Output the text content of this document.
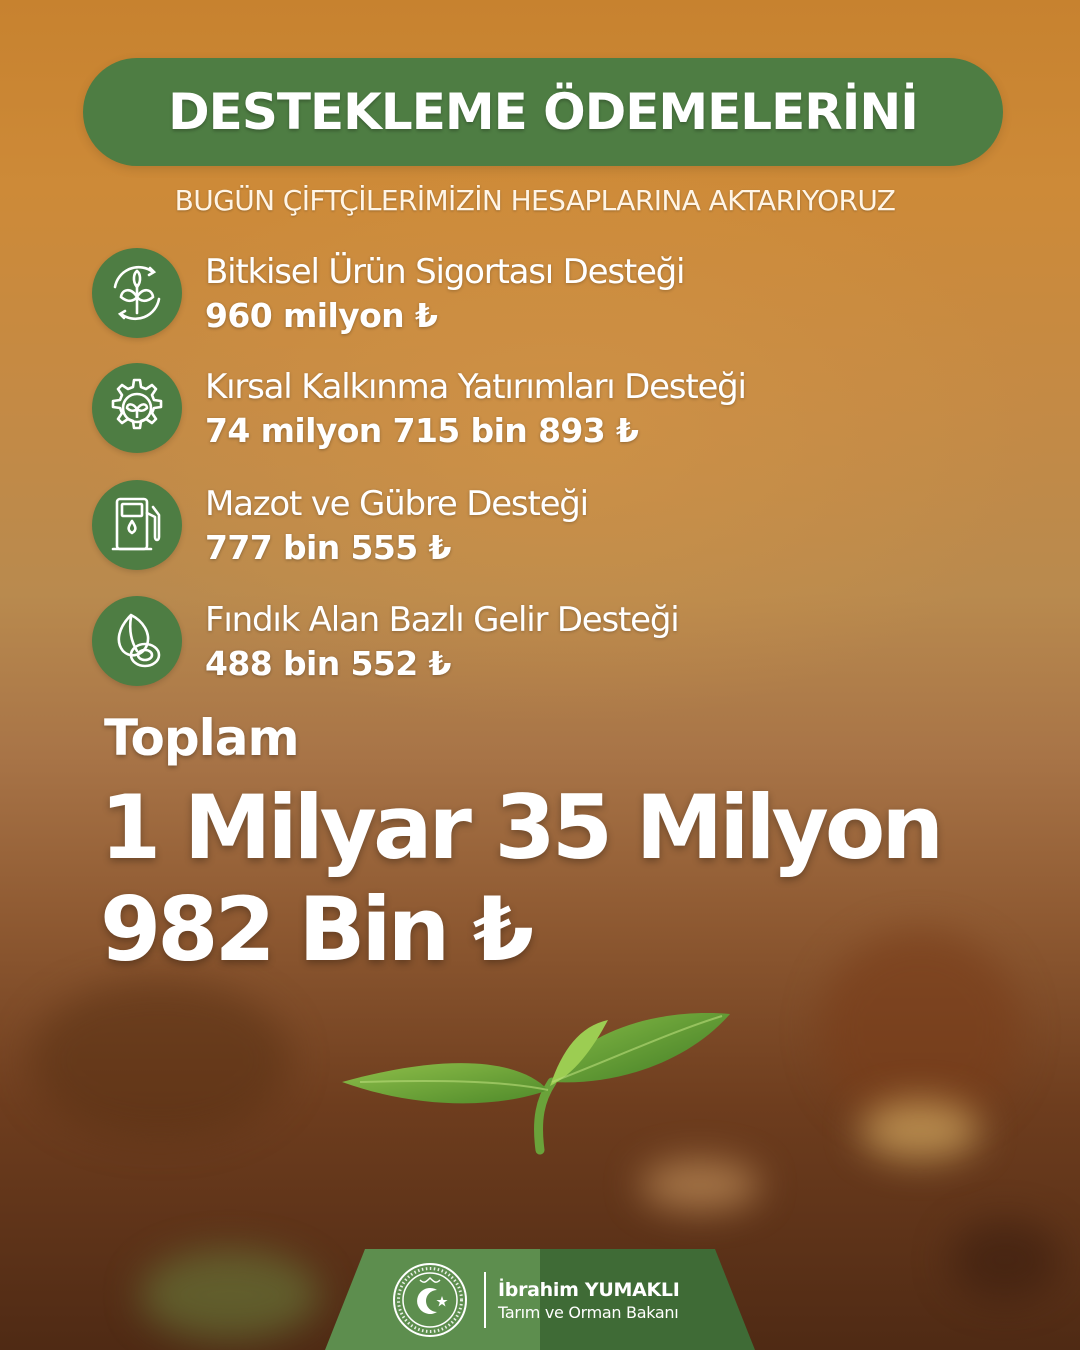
DESTEKLEME ÖDEMELERİNİ
BUGÜN ÇİFTÇİLERİMİZİN HESAPLARINA AKTARIYORUZ
Bitkisel Ürün Sigortası Desteği
960 milyon ₺
Kırsal Kalkınma Yatırımları Desteği
74 milyon 715 bin 893 ₺
Mazot ve Gübre Desteği
777 bin 555 ₺
Fındık Alan Bazlı Gelir Desteği
488 bin 552 ₺
Toplam
1 Milyar 35 Milyon
982 Bin ₺
İbrahim YUMAKLI
Tarım ve Orman Bakanı
